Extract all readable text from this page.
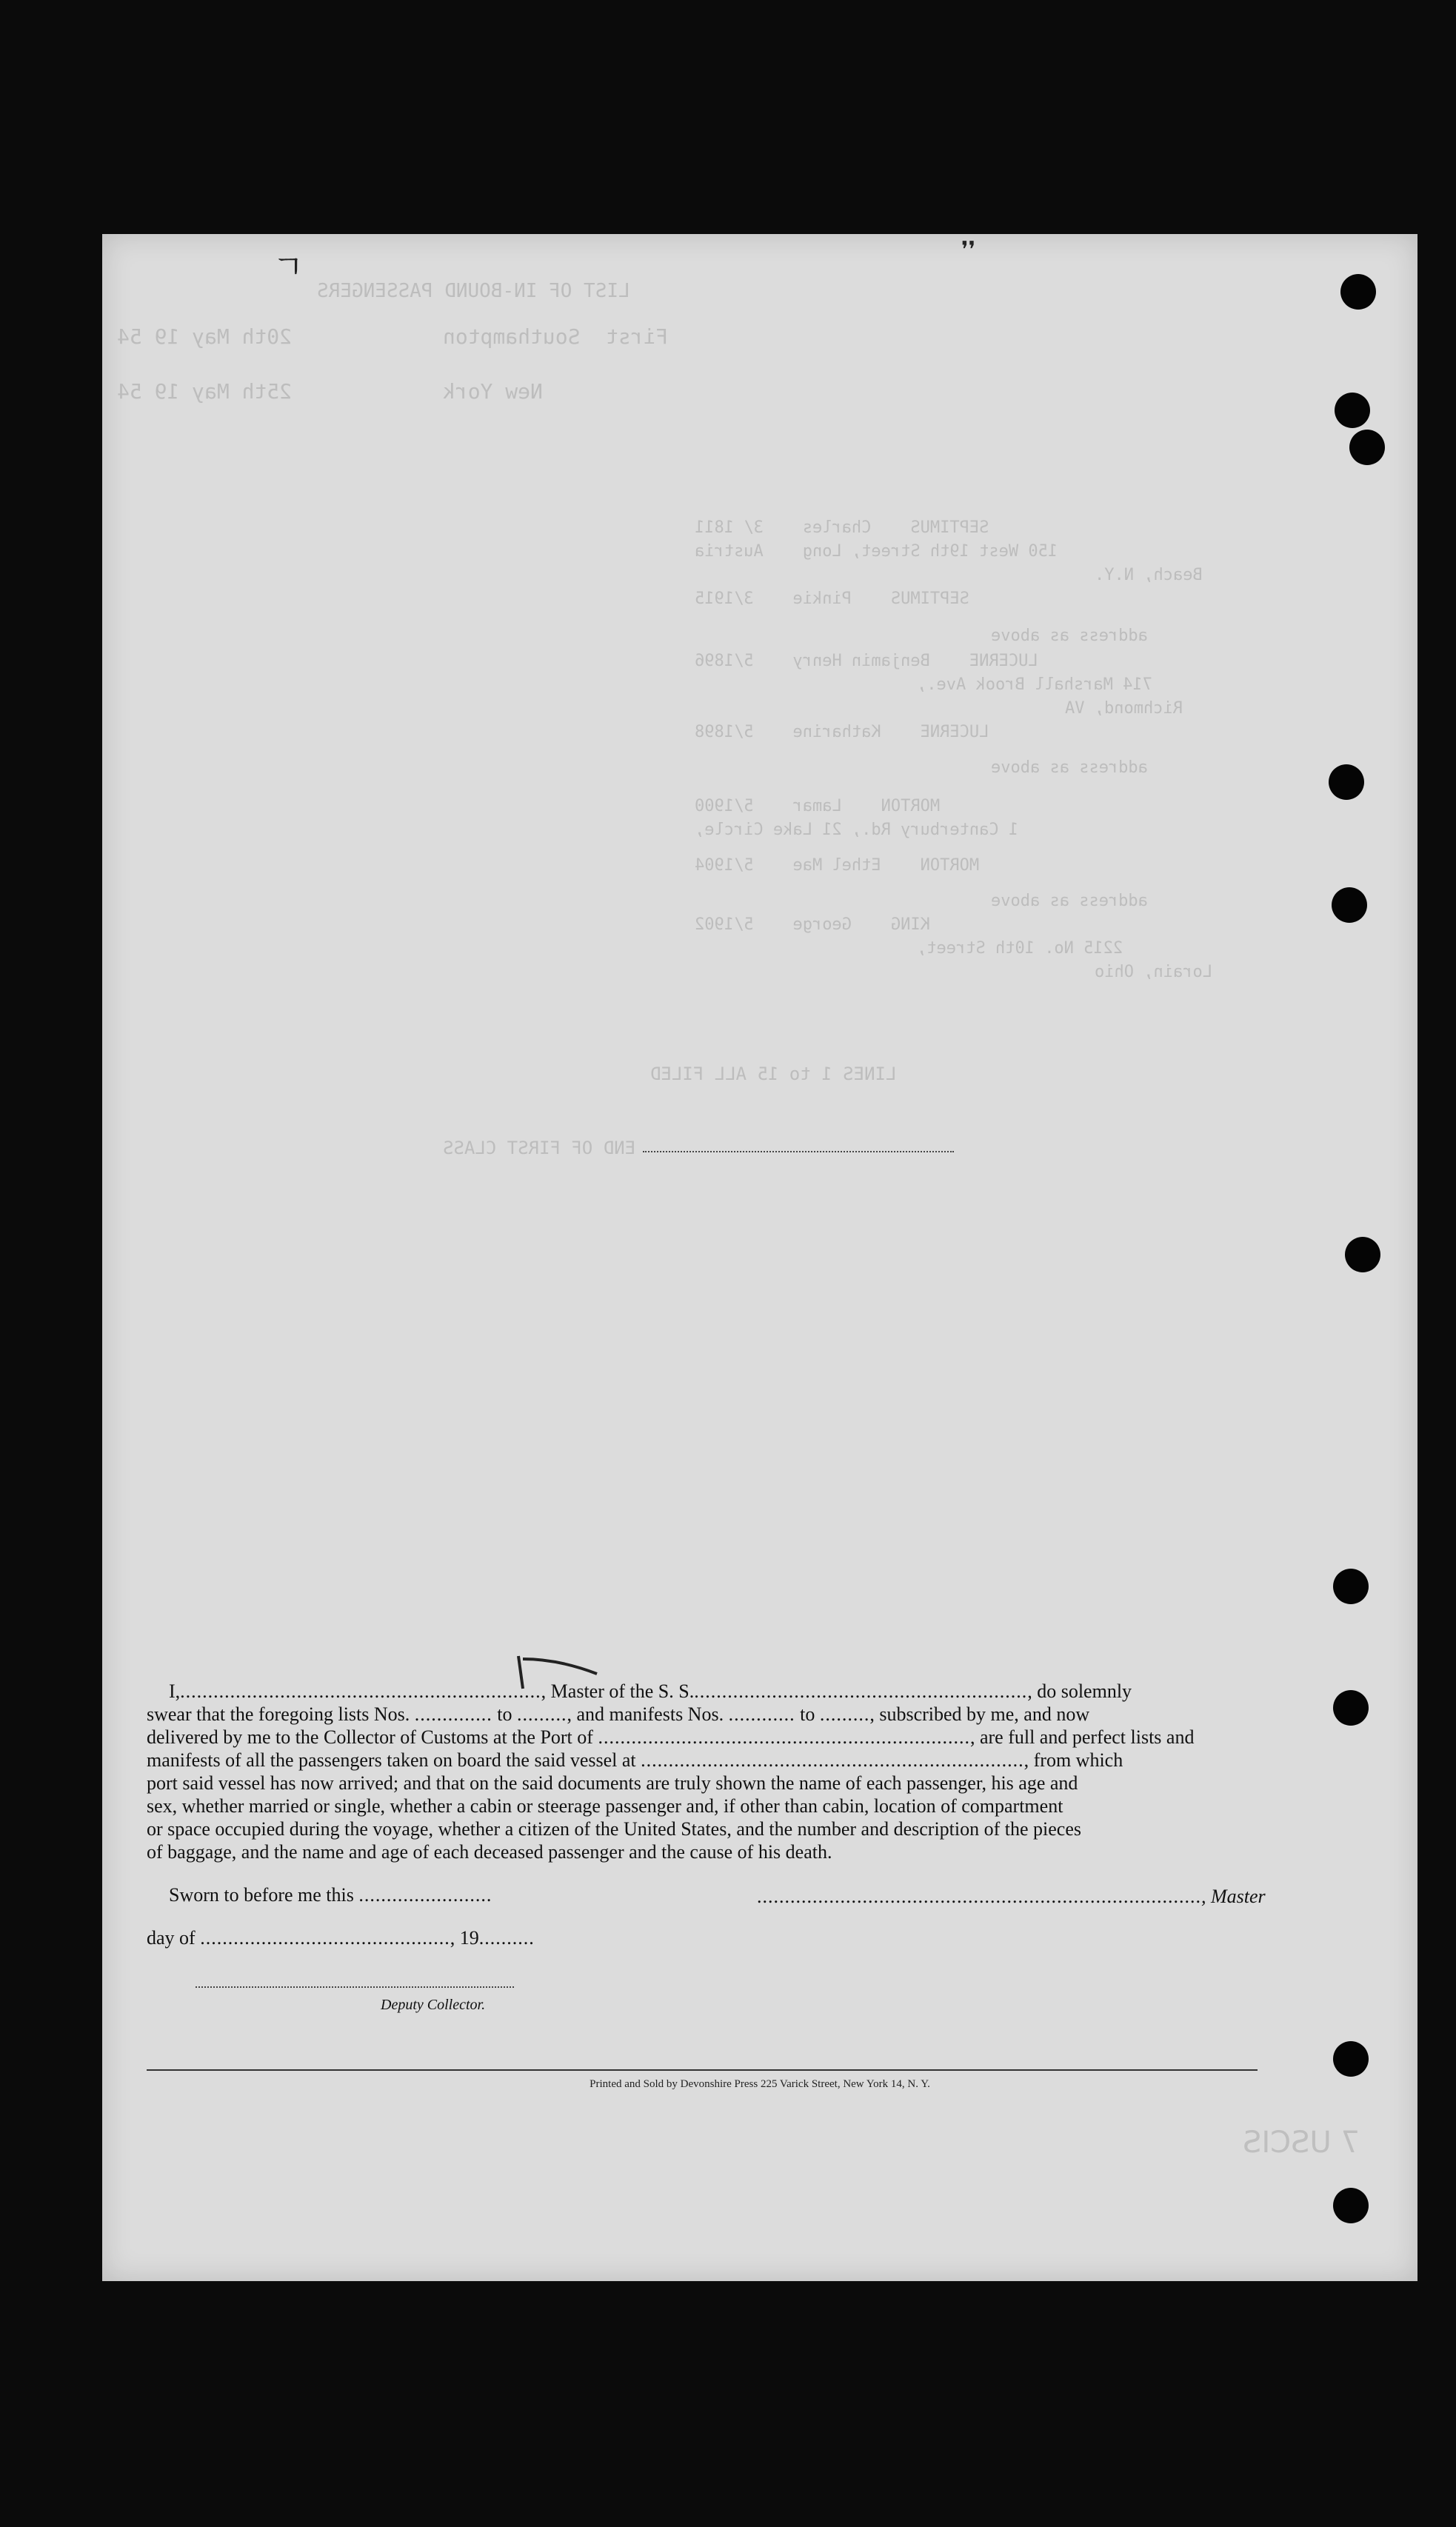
LIST OF IN-BOUND PASSENGERS
First
Southampton
20th May 19 54
New York
25th May 19 54
SEPTIMUS    Charles    3/ 1811
150 West 19th Street, Long    Austria
Beach, N.Y.
SEPTIMUS    Pinkie    3/1915
address as above
LUCERNE    Benjamin Henry    5/1896
714 Marshall Brook Ave.,
Richmond, VA
LUCERNE    Katharine    5/1898
address as above
MORTON    Lamar    5/1900
1 Canterbury Rd., 21 Lake Circle,
MORTON    Ethel Mae    5/1904
address as above
KING    George    5/1902
2215 No. 10th Street,
Lorain, Ohio
LINES 1 to 15 ALL FILED
END OF FIRST CLASS
7 USCIS
ㄱ	❜❜
I,................................................................., Master of the S. S............................................................., do solemnly
swear that the foregoing lists Nos. .............. to ........., and manifests Nos. ............ to ........., subscribed by me, and now
delivered by me to the Collector of Customs at the Port of ..................................................................., are full and perfect lists and
manifests of all the passengers taken on board the said vessel at ....................................................................., from which
port said vessel has now arrived; and that on the said documents are truly shown the name of each passenger, his age and
sex, whether married or single, whether a cabin or steerage passenger and, if other than cabin, location of compartment
or space occupied during the voyage, whether a citizen of the United States, and the number and description of the pieces
of baggage, and the name and age of each deceased passenger and the cause of his death.
Sworn to before me this ........................	................................................................................, Master
day of ............................................., 19..........
Deputy Collector.
Printed and Sold by Devonshire Press 225 Varick Street, New York 14, N. Y.
